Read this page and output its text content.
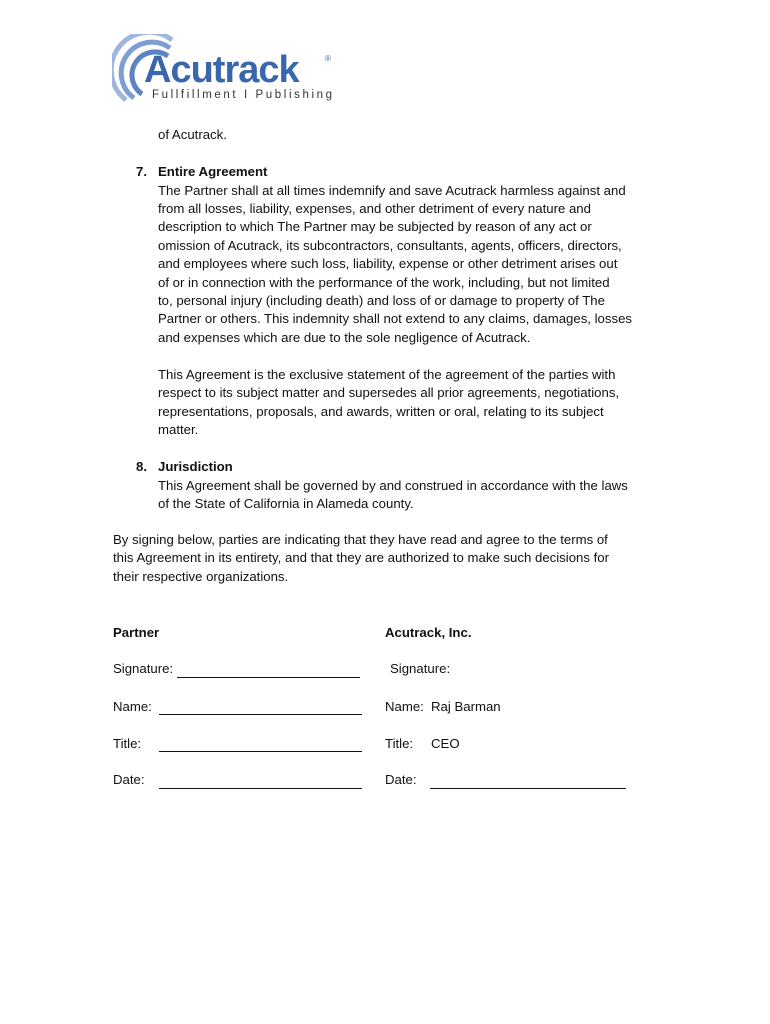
Acutrack	®
Fullfillment I Publishing
of Acutrack.
7. Entire Agreement
The Partner shall at all times indemnify and save Acutrack harmless against and
from all losses, liability, expenses, and other detriment of every nature and
description to which The Partner may be subjected by reason of any act or
omission of Acutrack, its subcontractors, consultants, agents, officers, directors,
and employees where such loss, liability, expense or other detriment arises out
of or in connection with the performance of the work, including, but not limited
to, personal injury (including death) and loss of or damage to property of The
Partner or others. This indemnity shall not extend to any claims, damages, losses
and expenses which are due to the sole negligence of Acutrack.
This Agreement is the exclusive statement of the agreement of the parties with
respect to its subject matter and supersedes all prior agreements, negotiations,
representations, proposals, and awards, written or oral, relating to its subject
matter.
8. Jurisdiction
This Agreement shall be governed by and construed in accordance with the laws
of the State of California in Alameda county.
By signing below, parties are indicating that they have read and agree to the terms of
this Agreement in its entirety, and that they are authorized to make such decisions for
their respective organizations.
Partner	Acutrack, Inc.
Signature:	Signature:
Name:	Name: Raj Barman
Title:	Title: CEO
Date:	Date:
